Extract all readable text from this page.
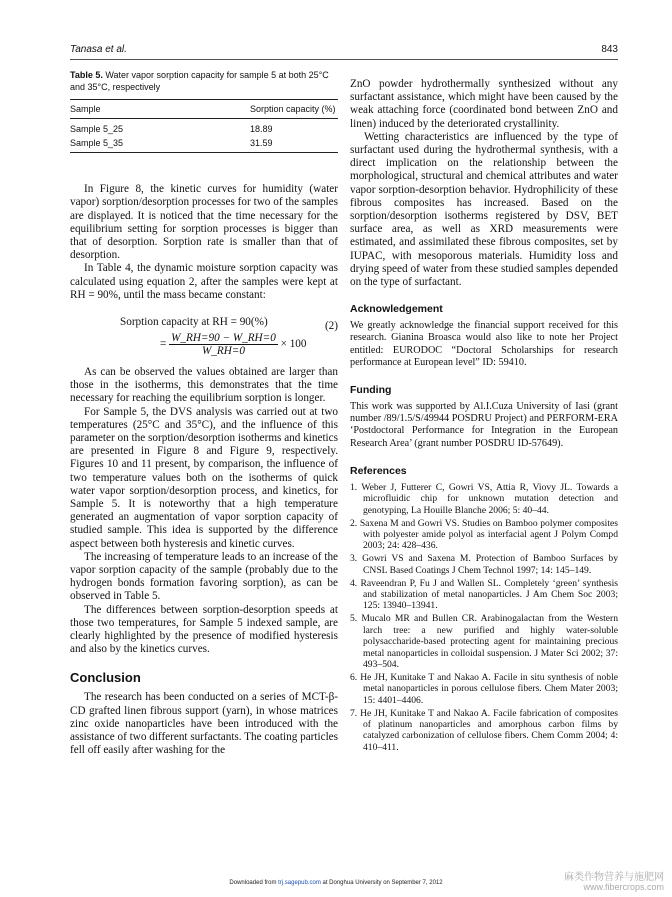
Tanasa et al.	843
Table 5. Water vapor sorption capacity for sample 5 at both 25°C and 35°C, respectively
Sample	Sorption capacity (%)
Sample 5_25	18.89
Sample 5_35	31.59

In Figure 8, the kinetic curves for humidity (water vapor) sorption/desorption processes for two of the samples are displayed. It is noticed that the time necessary for the equilibrium setting for sorption processes is bigger than that of desorption. Sorption rate is smaller than that of desorption.

In Table 4, the dynamic moisture sorption capacity was calculated using equation 2, after the samples were kept at RH = 90%, until the mass became constant:

Sorption capacity at RH = 90(%)
= $\frac{W\_RH=90 - W\_RH=0}{W\_RH=0} \times 100$
(2)

As can be observed the values obtained are larger than those in the isotherms, this demonstrates that the time necessary for reaching the equilibrium sorption is longer.

For Sample 5, the DVS analysis was carried out at two temperatures (25°C and 35°C), and the influence of this parameter on the sorption/desorption isotherms and kinetics are presented in Figure 8 and Figure 9, respectively. Figures 10 and 11 present, by comparison, the influence of two temperature values both on the isotherms of quick water vapor sorption/desorption process, and kinetics, for Sample 5. It is noteworthy that a high temperature generated an augmentation of vapor sorption capacity of studied sample. This idea is supported by the difference aspect between both hysteresis and kinetic curves.

The increasing of temperature leads to an increase of the vapor sorption capacity of the sample (probably due to the hydrogen bonds formation favoring sorption), as can be observed in Table 5.

The differences between sorption-desorption speeds at those two temperatures, for Sample 5 indexed sample, are clearly highlighted by the presence of modified hysteresis and also by the kinetics curves.

Conclusion

The research has been conducted on a series of MCT-β-CD grafted linen fibrous support (yarn), in whose matrices zinc oxide nanoparticles have been introduced with the assistance of two different surfactants. The coating particles fell off easily after washing for the

ZnO powder hydrothermally synthesized without any surfactant assistance, which might have been caused by the weak attaching force (coordinated bond between ZnO and linen) induced by the deteriorated crystallinity.

Wetting characteristics are influenced by the type of surfactant used during the hydrothermal synthesis, with a direct implication on the relationship between the morphological, structural and chemical attributes and water vapor sorption-desorption behavior. Hydrophilicity of these fibrous composites has increased. Based on the sorption/desorption isotherms registered by DSV, BET surface area, as well as XRD measurements were estimated, and assimilated these fibrous composites, set by IUPAC, with mesoporous materials. Humidity loss and drying speed of water from these studied samples depended on the type of surfactant.

Acknowledgement

We greatly acknowledge the financial support received for this research. Gianina Broasca would also like to note her Project entitled: EURODOC “Doctoral Scholarships for research performance at European level” ID: 59410.

Funding

This work was supported by Al.I.Cuza University of Iasi (grant number /89/1.5/S/49944 POSDRU Project) and PERFORM-ERA ‘Postdoctoral Performance for Integration in the European Research Area’ (grant number POSDRU ID-57649).

References
1. Weber J, Futterer C, Gowri VS, Attia R, Viovy JL. Towards a microfluidic chip for unknown mutation detection and genotyping, La Houille Blanche 2006; 5: 40–44.
2. Saxena M and Gowri VS. Studies on Bamboo polymer composites with polyester amide polyol as interfacial agent J Polym Compd 2003; 24: 428–436.
3. Gowri VS and Saxena M. Protection of Bamboo Surfaces by CNSL Based Coatings J Chem Technol 1997; 14: 145–149.
4. Raveendran P, Fu J and Wallen SL. Completely ‘green’ synthesis and stabilization of metal nanoparticles. J Am Chem Soc 2003; 125: 13940–13941.
5. Mucalo MR and Bullen CR. Arabinogalactan from the Western larch tree: a new purified and highly water-soluble polysaccharide-based protecting agent for maintaining precious metal nanoparticles in colloidal suspension. J Mater Sci 2002; 37: 493–504.
6. He JH, Kunitake T and Nakao A. Facile in situ synthesis of noble metal nanoparticles in porous cellulose fibers. Chem Mater 2003; 15: 4401–4406.
7. He JH, Kunitake T and Nakao A. Facile fabrication of composites of platinum nanoparticles and amorphous carbon films by catalyzed carbonization of cellulose fibers. Chem Comm 2004; 4: 410–411.
Downloaded from trj.sagepub.com at Donghua University on September 7, 2012	麻类作物营养与施肥网
www.fibercrops.com
